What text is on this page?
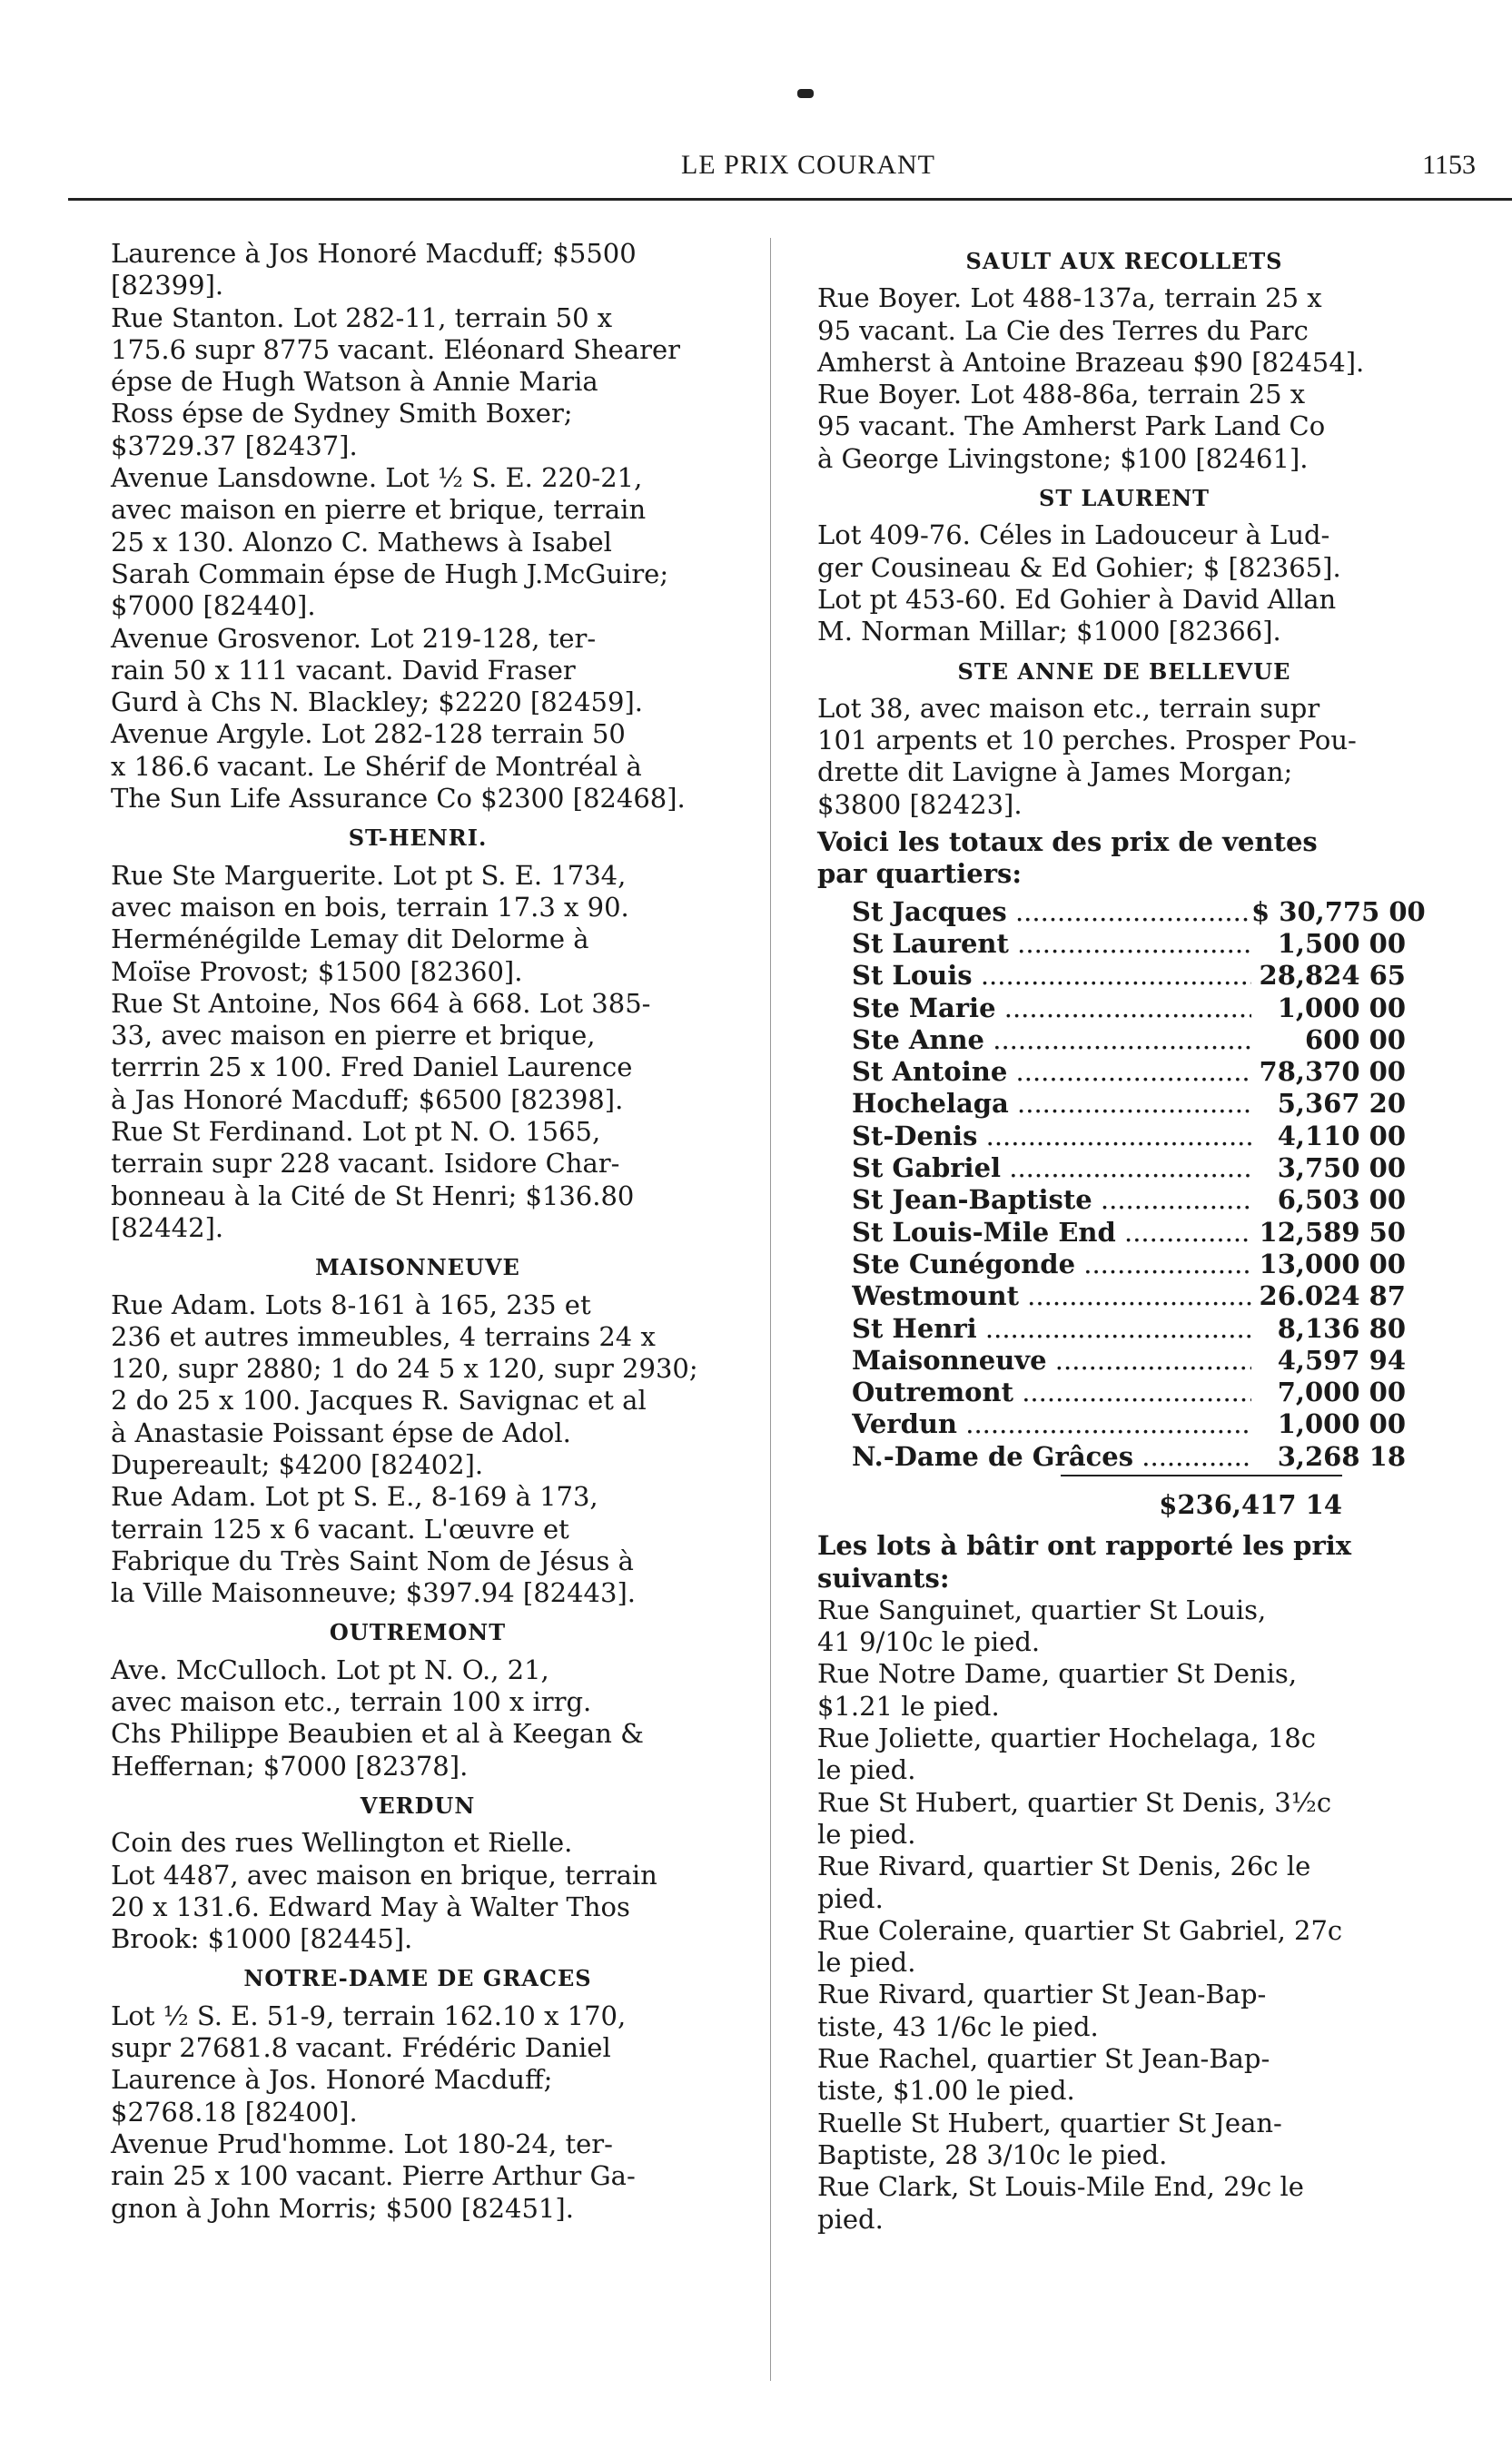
LE PRIX COURANT	1153
Laurence à Jos Honoré Macduff; $5500
[82399].
Rue Stanton. Lot 282-11, terrain 50 x
175.6 supr 8775 vacant. Eléonard Shearer
épse de Hugh Watson à Annie Maria
Ross épse de Sydney Smith Boxer;
$3729.37 [82437].
Avenue Lansdowne. Lot ½ S. E. 220-21,
avec maison en pierre et brique, terrain
25 x 130. Alonzo C. Mathews à Isabel
Sarah Commain épse de Hugh J.McGuire;
$7000 [82440].
Avenue Grosvenor. Lot 219-128, ter-
rain 50 x 111 vacant. David Fraser
Gurd à Chs N. Blackley; $2220 [82459].
Avenue Argyle. Lot 282-128 terrain 50
x 186.6 vacant. Le Shérif de Montréal à
The Sun Life Assurance Co $2300 [82468].
ST-HENRI.
Rue Ste Marguerite. Lot pt S. E. 1734,
avec maison en bois, terrain 17.3 x 90.
Herménégilde Lemay dit Delorme à
Moïse Provost; $1500 [82360].
Rue St Antoine, Nos 664 à 668. Lot 385-
33, avec maison en pierre et brique,
terrrin 25 x 100. Fred Daniel Laurence
à Jas Honoré Macduff; $6500 [82398].
Rue St Ferdinand. Lot pt N. O. 1565,
terrain supr 228 vacant. Isidore Char-
bonneau à la Cité de St Henri; $136.80
[82442].
MAISONNEUVE
Rue Adam. Lots 8-161 à 165, 235 et
236 et autres immeubles, 4 terrains 24 x
120, supr 2880; 1 do 24 5 x 120, supr 2930;
2 do 25 x 100. Jacques R. Savignac et al
à Anastasie Poissant épse de Adol.
Dupereault; $4200 [82402].
Rue Adam. Lot pt S. E., 8-169 à 173,
terrain 125 x 6 vacant. L'œuvre et
Fabrique du Très Saint Nom de Jésus à
la Ville Maisonneuve; $397.94 [82443].
OUTREMONT
Ave. McCulloch. Lot pt N. O., 21,
avec maison etc., terrain 100 x irrg.
Chs Philippe Beaubien et al à Keegan &
Heffernan; $7000 [82378].
VERDUN
Coin des rues Wellington et Rielle.
Lot 4487, avec maison en brique, terrain
20 x 131.6. Edward May à Walter Thos
Brook: $1000 [82445].
NOTRE-DAME DE GRACES
Lot ½ S. E. 51-9, terrain 162.10 x 170,
supr 27681.8 vacant. Frédéric Daniel
Laurence à Jos. Honoré Macduff;
$2768.18 [82400].
Avenue Prud'homme. Lot 180-24, ter-
rain 25 x 100 vacant. Pierre Arthur Ga-
gnon à John Morris; $500 [82451].
SAULT AUX RECOLLETS
Rue Boyer. Lot 488-137a, terrain 25 x
95 vacant. La Cie des Terres du Parc
Amherst à Antoine Brazeau $90 [82454].
Rue Boyer. Lot 488-86a, terrain 25 x
95 vacant. The Amherst Park Land Co
à George Livingstone; $100 [82461].
ST LAURENT
Lot 409-76. Céles in Ladouceur à Lud-
ger Cousineau & Ed Gohier; $ [82365].
Lot pt 453-60. Ed Gohier à David Allan
M. Norman Millar; $1000 [82366].
STE ANNE DE BELLEVUE
Lot 38, avec maison etc., terrain supr
101 arpents et 10 perches. Prosper Pou-
drette dit Lavigne à James Morgan;
$3800 [82423].
Voici les totaux des prix de ventes
par quartiers:
St Jacques .....	$ 30,775 00
St Laurent .....	1,500 00
St Louis .....	28,824 65
Ste Marie .....	1,000 00
Ste Anne .....	600 00
St Antoine .....	78,370 00
Hochelaga .....	5,367 20
St-Denis .....	4,110 00
St Gabriel .....	3,750 00
St Jean-Baptiste .....	6,503 00
St Louis-Mile End .....	12,589 50
Ste Cunégonde .....	13,000 00
Westmount .....	26.024 87
St Henri .....	8,136 80
Maisonneuve .....	4,597 94
Outremont .....	7,000 00
Verdun .....	1,000 00
N.-Dame de Grâces .....	3,268 18
$236,417 14
Les lots à bâtir ont rapporté les prix
suivants:
Rue Sanguinet, quartier St Louis,
41 9/10c le pied.
Rue Notre Dame, quartier St Denis,
$1.21 le pied.
Rue Joliette, quartier Hochelaga, 18c
le pied.
Rue St Hubert, quartier St Denis, 3½c
le pied.
Rue Rivard, quartier St Denis, 26c le
pied.
Rue Coleraine, quartier St Gabriel, 27c
le pied.
Rue Rivard, quartier St Jean-Bap-
tiste, 43 1/6c le pied.
Rue Rachel, quartier St Jean-Bap-
tiste, $1.00 le pied.
Ruelle St Hubert, quartier St Jean-
Baptiste, 28 3/10c le pied.
Rue Clark, St Louis-Mile End, 29c le
pied.
